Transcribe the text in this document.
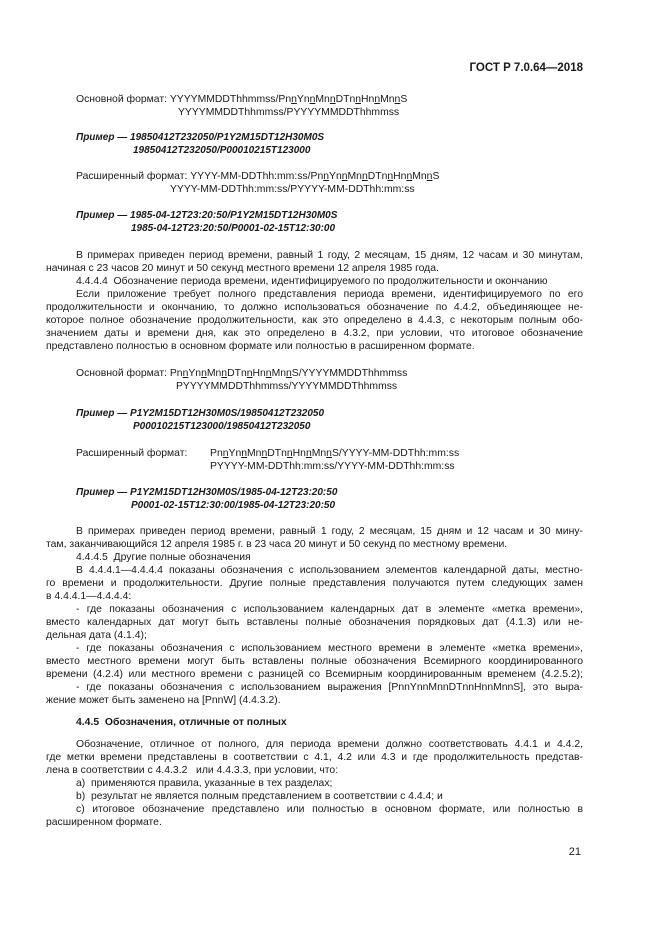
ГОСТ Р 7.0.64—2018
Основной формат: YYYYMMDDThhmmss/PnnYnnMnnDTnnHnnMnnS
YYYYMMDDThhmmss/PYYYYMMDDThhmmss
Пример — 19850412T232050/P1Y2M15DT12H30M0S
19850412T232050/P00010215T123000
Расширенный формат: YYYY-MM-DDThh:mm:ss/PnnYnnMnnDTnnHnnMnnS
YYYY-MM-DDThh:mm:ss/PYYYY-MM-DDThh:mm:ss
Пример — 1985-04-12T23:20:50/P1Y2M15DT12H30M0S
1985-04-12T23:20:50/P0001-02-15T12:30:00
В примерах приведен период времени, равный 1 году, 2 месяцам, 15 дням, 12 часам и 30 минутам,
начиная с 23 часов 20 минут и 50 секунд местного времени 12 апреля 1985 года.
4.4.4.4  Обозначение периода времени, идентифицируемого по продолжительности и окончанию
Если приложение требует полного представления периода времени, идентифицируемого по его
продолжительности и окончанию, то должно использоваться обозначение по 4.4.2, объединяющее не-
которое полное обозначение продолжительности, как это определено в 4.4.3, с некоторым полным обо-
значением даты и времени дня, как это определено в 4.3.2, при условии, что итоговое обозначение
представлено полностью в основном формате или полностью в расширенном формате.
Основной формат: PnnYnnMnnDTnnHnnMnnS/YYYYMMDDThhmmss
PYYYYMMDDThhmmss/YYYYMMDDThhmmss
Пример — P1Y2M15DT12H30M0S/19850412T232050
P00010215T123000/19850412T232050
Расширенный формат: PnnYnnMnnDTnnHnnMnnS/YYYY-MM-DDThh:mm:ss
PYYYY-MM-DDThh:mm:ss/YYYY-MM-DDThh:mm:ss
Пример — P1Y2M15DT12H30M0S/1985-04-12T23:20:50
P0001-02-15T12:30:00/1985-04-12T23:20:50
В примерах приведен период времени, равный 1 году, 2 месяцам, 15 дням и 12 часам и 30 мину-
там, заканчивающийся 12 апреля 1985 г. в 23 часа 20 минут и 50 секунд по местному времени.
4.4.4.5  Другие полные обозначения
В 4.4.4.1—4.4.4.4 показаны обозначения с использованием элементов календарной даты, местно-
го времени и продолжительности. Другие полные представления получаются путем следующих замен
в 4.4.4.1—4.4.4.4:
- где показаны обозначения с использованием календарных дат в элементе «метка времени»,
вместо календарных дат могут быть вставлены полные обозначения порядковых дат (4.1.3) или не-
дельная дата (4.1.4);
- где показаны обозначения с использованием местного времени в элементе «метка времени»,
вместо местного времени могут быть вставлены полные обозначения Всемирного координированного
времени (4.2.4) или местного времени с разницей со Всемирным координированным временем (4.2.5.2);
- где показаны обозначения с использованием выражения [PnnYnnMnnDTnnHnnMnnS], это выра-
жение может быть заменено на [PnnW] (4.4.3.2).
4.4.5  Обозначения, отличные от полных
Обозначение, отличное от полного, для периода времени должно соответствовать 4.4.1 и 4.4.2,
где метки времени представлены в соответствии с 4.1, 4.2 или 4.3 и где продолжительность представ-
лена в соответствии с 4.4.3.2   или 4.4.3.3, при условии, что:
а)  применяются правила, указанные в тех разделах;
b)  результат не является полным представлением в соответствии с 4.4.4; и
с) итоговое обозначение представлено или полностью в основном формате, или полностью в
расширенном формате.
21
